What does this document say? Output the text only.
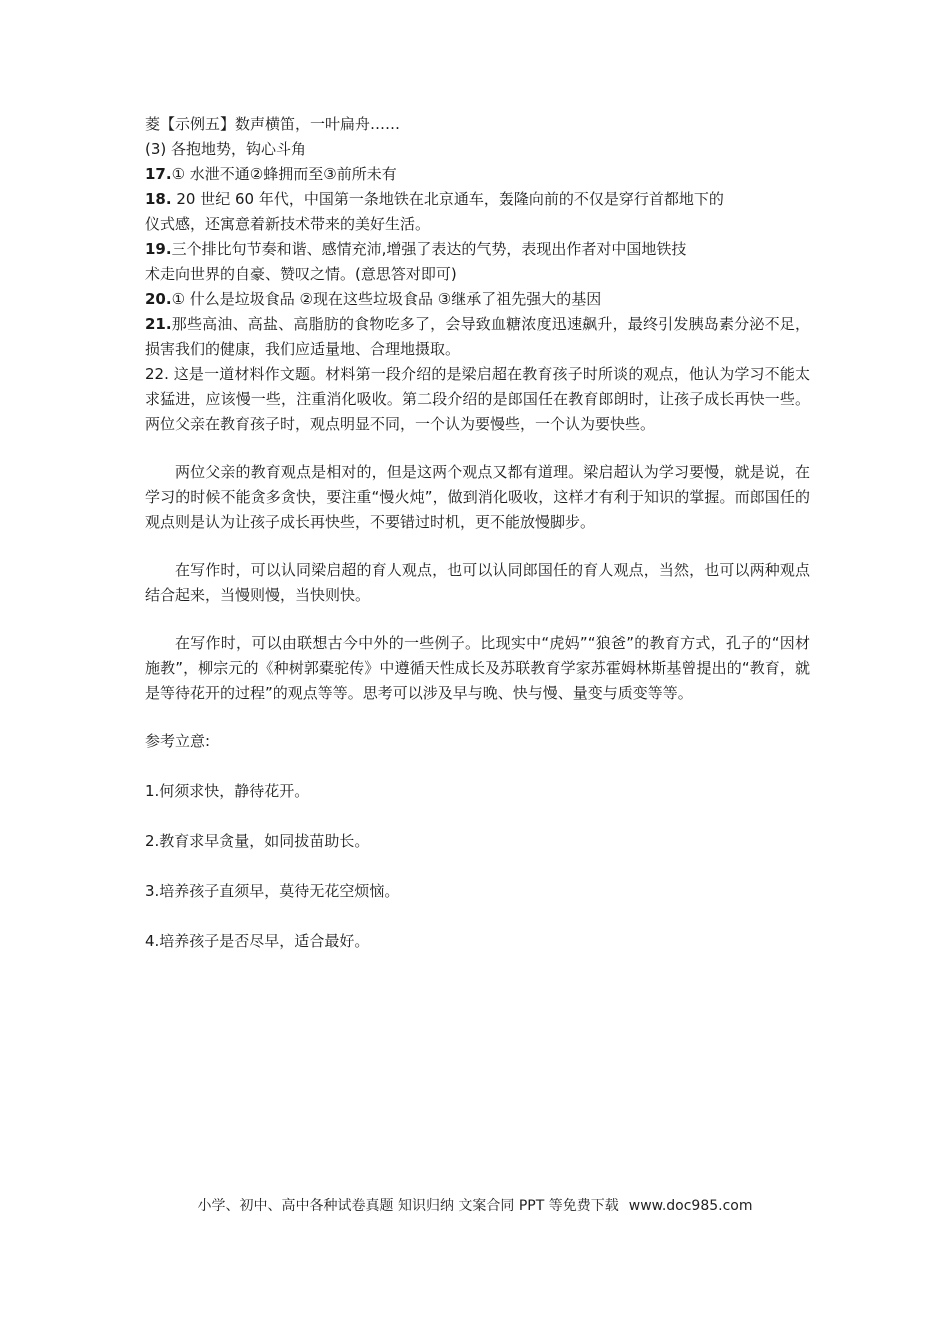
菱【示例五】数声横笛，一叶扁舟……

(3) 各抱地势，钩心斗角

17.① 水泄不通②蜂拥而至③前所未有

18. 20 世纪 60 年代，中国第一条地铁在北京通车，轰隆向前的不仅是穿行首都地下的

仪式感，还寓意着新技术带来的美好生活。

19.三个排比句节奏和谐、感情充沛,增强了表达的气势，表现出作者对中国地铁技

术走向世界的自豪、赞叹之情。(意思答对即可)

20.① 什么是垃圾食品 ②现在这些垃圾食品 ③继承了祖先强大的基因

21.那些高油、高盐、高脂肪的食物吃多了，会导致血糖浓度迅速飙升，最终引发胰岛素分泌不足，损害我们的健康，我们应适量地、合理地摄取。

22. 这是一道材料作文题。材料第一段介绍的是梁启超在教育孩子时所谈的观点，他认为学习不能太求猛进，应该慢一些，注重消化吸收。第二段介绍的是郎国任在教育郎朗时，让孩子成长再快一些。两位父亲在教育孩子时，观点明显不同，一个认为要慢些，一个认为要快些。

两位父亲的教育观点是相对的，但是这两个观点又都有道理。梁启超认为学习要慢，就是说，在学习的时候不能贪多贪快，要注重“慢火炖”，做到消化吸收，这样才有利于知识的掌握。而郎国任的观点则是认为让孩子成长再快些，不要错过时机，更不能放慢脚步。

在写作时，可以认同梁启超的育人观点，也可以认同郎国任的育人观点，当然，也可以两种观点结合起来，当慢则慢，当快则快。

在写作时，可以由联想古今中外的一些例子。比现实中“虎妈”“狼爸”的教育方式，孔子的“因材施教”，柳宗元的《种树郭橐驼传》中遵循天性成长及苏联教育学家苏霍姆林斯基曾提出的“教育，就是等待花开的过程”的观点等等。思考可以涉及早与晚、快与慢、量变与质变等等。

参考立意:

1.何须求快，静待花开。

2.教育求早贪量，如同拔苗助长。

3.培养孩子直须早，莫待无花空烦恼。

4.培养孩子是否尽早，适合最好。

小学、初中、高中各种试卷真题 知识归纳 文案合同 PPT 等免费下载 www.doc985.com
